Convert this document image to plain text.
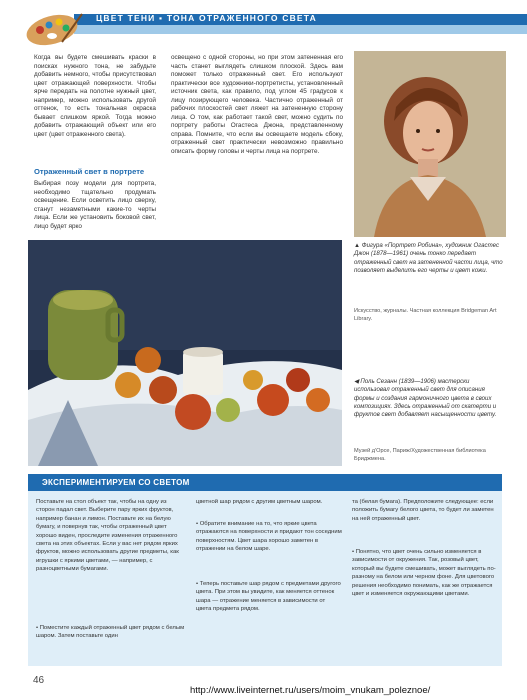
ЦВЕТ ТЕНИ ▪ ТОНА ОТРАЖЕННОГО СВЕТА
Когда вы будете смешивать краски в поисках нужного тона, не забудьте добавить немного, чтобы присутствовал цвет отражающей поверхности. Чтобы ярче передать на полотне нужный цвет, например, можно использовать другой оттенок, то есть тональная окраска бывает слишком яркой. Тогда можно добавить отражающий объект или его цвет (цвет отраженного света).
Отраженный свет в портрете
Выбирая позу модели для портрета, необходимо тщательно продумать освещение. Если осветить лицо сверху, станут незаметными какие-то черты лица. Если же установить боковой свет, лицо будет ярко
освещено с одной стороны, но при этом затененная его часть станет выглядеть слишком плоской. Здесь вам поможет только отраженный свет. Его используют практически все художники-портретисты, установленный источник света, как правило, под углом 45 градусов к лицу позирующего человека. Частично отраженный от рабочих плоскостей свет ляжет на затененную сторону лица. О том, как работает такой свет, можно судить по портрету работы Огастеса Джона, представленному справа. Помните, что если вы освещаете модель сбоку, отраженный свет практически невозможно правильно описать форму головы и черты лица на портрете.
▲ Фигура «Портрет Робина», художник Огастес Джон (1878—1961) очень тонко передает отраженный свет на затененной части лица, что позволяет выделить его черты и цвет кожи.
Искусство, журналы. Частная коллекция Bridgeman Art Library.
◀ Поль Сезанн (1839—1906) мастерски использовал отраженный свет для описания формы и создания гармоничного цвета в своих композициях. Здесь отраженный от скатерти и фруктов свет добавляет насыщенности цвету.
Музей д'Орсе, Париж/Художественная библиотека Бриджмена.
ЭКСПЕРИМЕНТИРУЕМ СО СВЕТОМ
Поставьте на стол объект так, чтобы на одну из сторон падал свет. Выберите пару ярких фруктов, например банан и лимон. Поставьте их на белую бумагу, и повернув так, чтобы отраженный цвет хорошо виден, проследите изменения отраженного света на этих объектах. Если у вас нет рядом ярких фруктов, можно использовать другие предметы, как игрушки с яркими цветами, — например, с разноцветными бумагами.
• Поместите каждый отраженный цвет рядом с белым шаром. Затем поставьте один
цветной шар рядом с другим цветным шаром.
• Обратите внимание на то, что яркие цвета отражаются на поверхности и придают тон соседним поверхностям. Цвет шара хорошо заметен в отражении на белом шаре.
• Теперь поставьте шар рядом с предметами другого цвета. При этом вы увидите, как меняется оттенок шара — отражение меняется в зависимости от цвета предмета рядом.
та (белая бумага). Предположите следующее: если положить бумагу белого цвета, то будет ли заметен на ней отраженный цвет.
• Понятно, что цвет очень сильно изменяется в зависимости от окружения. Так, розовый цвет, который вы будете смешивать, может выглядеть по-разному на белом или черном фоне. Для цветового решения необходимо понимать, как же отражается цвет и изменяется окружающими цветами.
46
http://www.liveinternet.ru/users/moim_vnukam_poleznoe/
